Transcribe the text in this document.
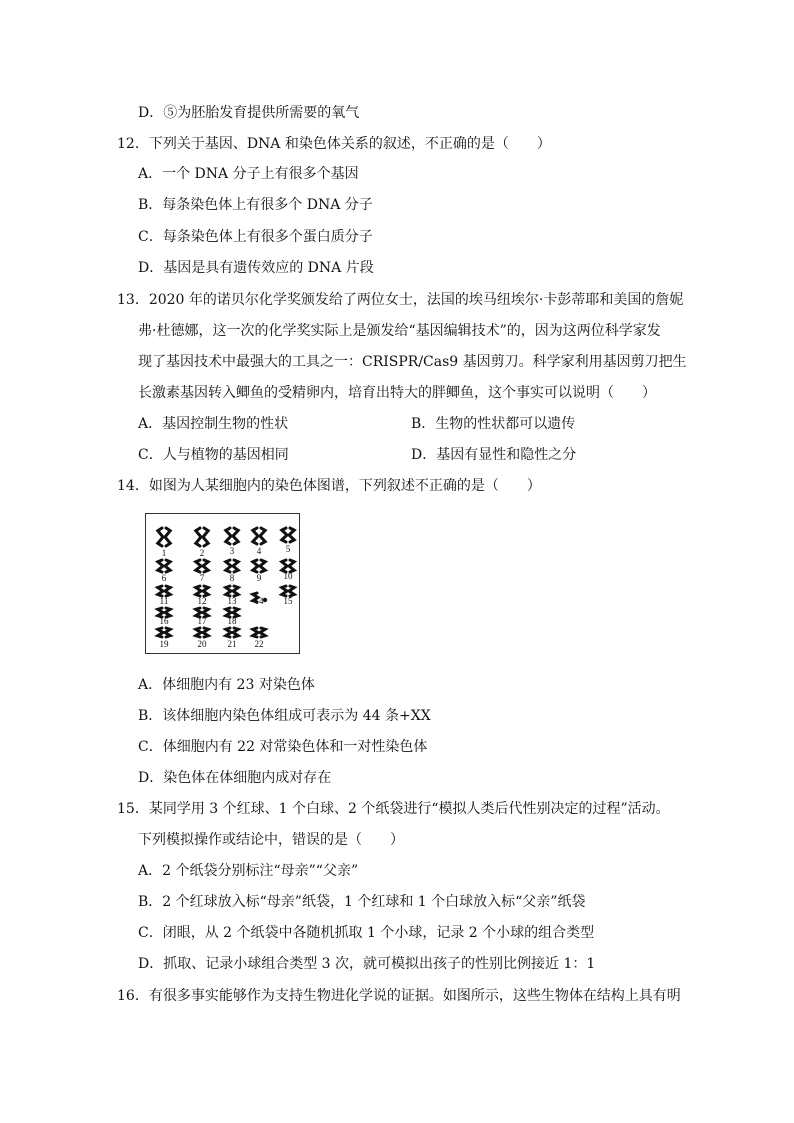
D．⑤为胚胎发育提供所需要的氧气
12．下列关于基因、DNA 和染色体关系的叙述，不正确的是（　　）
A．一个 DNA 分子上有很多个基因
B．每条染色体上有很多个 DNA 分子
C．每条染色体上有很多个蛋白质分子
D．基因是具有遗传效应的 DNA 片段
13．2020 年的诺贝尔化学奖颁发给了两位女士，法国的埃马纽埃尔·卡彭蒂耶和美国的詹妮
弗·杜德娜，这一次的化学奖实际上是颁发给“基因编辑技术”的，因为这两位科学家发
现了基因技术中最强大的工具之一：CRISPR/Cas9 基因剪刀。科学家利用基因剪刀把生
长激素基因转入鲫鱼的受精卵内，培育出特大的胖鲫鱼，这个事实可以说明（　　）
A．基因控制生物的性状	B．生物的性状都可以遗传
C．人与植物的基因相同	D．基因有显性和隐性之分
14．如图为人某细胞内的染色体图谱，下列叙述不正确的是（　　）
1	2	3	4	5
6	7	8	9 10
11	12 13 14 15
16	17 18
19	20 21 22
A．体细胞内有 23 对染色体
B．该体细胞内染色体组成可表示为 44 条+XX
C．体细胞内有 22 对常染色体和一对性染色体
D．染色体在体细胞内成对存在
15．某同学用 3 个红球、1 个白球、2 个纸袋进行“模拟人类后代性别决定的过程”活动。
下列模拟操作或结论中，错误的是（　　）
A．2 个纸袋分别标注“母亲”“父亲”
B．2 个红球放入标“母亲”纸袋，1 个红球和 1 个白球放入标“父亲”纸袋
C．闭眼，从 2 个纸袋中各随机抓取 1 个小球，记录 2 个小球的组合类型
D．抓取、记录小球组合类型 3 次，就可模拟出孩子的性别比例接近 1：1
16．有很多事实能够作为支持生物进化学说的证据。如图所示，这些生物体在结构上具有明
